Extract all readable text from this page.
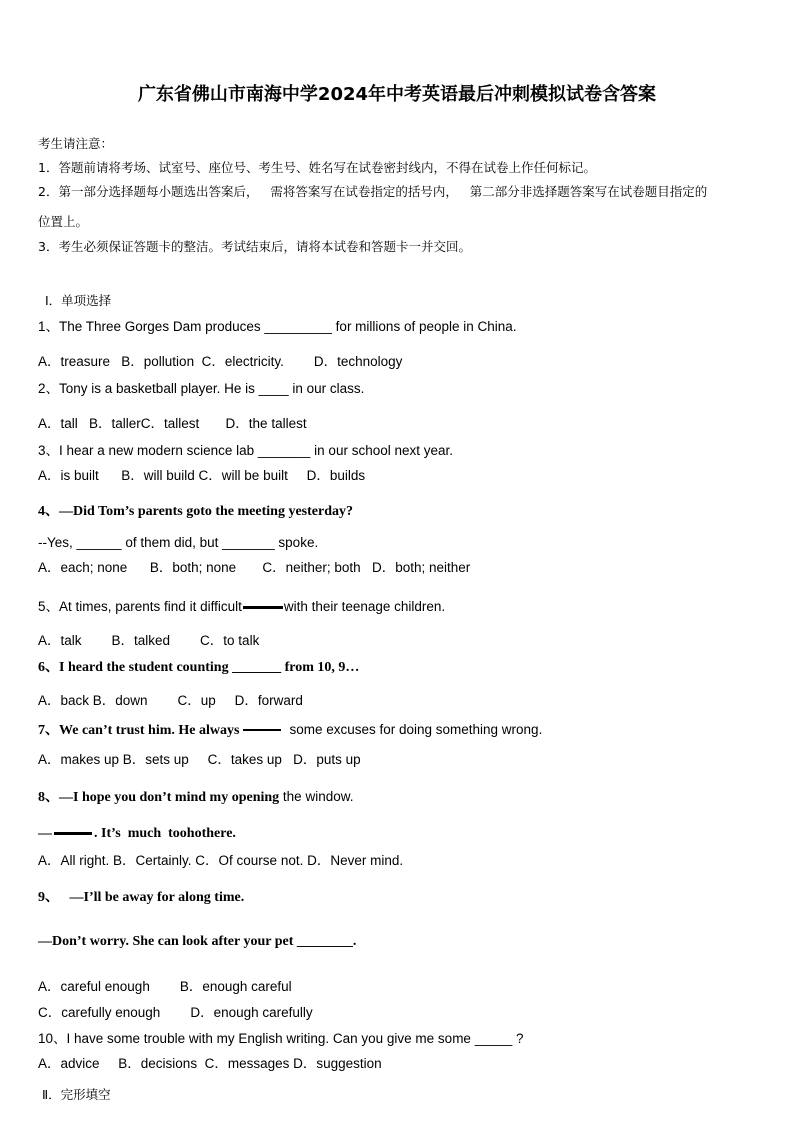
广东省佛山市南海中学2024年中考英语最后冲刺模拟试卷含答案
考生请注意：
1．答题前请将考场、试室号、座位号、考生号、姓名写在试卷密封线内，不得在试卷上作任何标记。
2．第一部分选择题每小题选出答案后，   需将答案写在试卷指定的括号内，   第二部分非选择题答案写在试卷题目指定的
位置上。
3．考生必须保证答题卡的整洁。考试结束后，请将本试卷和答题卡一并交回。
Ⅰ．单项选择
1、The Three Gorges Dam produces _________ for millions of people in China.
A．treasure   B．pollution  C．electricity.        D．technology
2、Tony is a basketball player. He is ____ in our class.
A．tall   B．tallerC．tallest       D．the tallest
3、I hear a new modern science lab _______ in our school next year.
A．is built      B．will build C．will be built     D．builds
4、—Did Tom’s parents goto the meeting yesterday?
--Yes, ______ of them did, but _______ spoke.
A．each; none      B．both; none       C．neither; both   D．both; neither
5、At times, parents find it difficult	with their teenage children.
A．talk        B．talked        C．to talk
6、I heard the student counting _______ from 10, 9…
A．back B．down        C．up     D．forward
7、We can’t trust him. He always	some excuses for doing something wrong.
A．makes up B．sets up     C．takes up   D．puts up
8、—I hope you don’t mind my opening the window.
—	. It’s  much  toohothere.
A．All right. B．Certainly. C．Of course not. D．Never mind.
9、   —I’ll be away for along time.
—Don’t worry. She can look after your pet ________.
A．careful enough        B．enough careful
C．carefully enough        D．enough carefully
10、I have some trouble with my English writing. Can you give me some _____ ?
A．advice     B．decisions  C．messages D．suggestion
Ⅱ．完形填空
